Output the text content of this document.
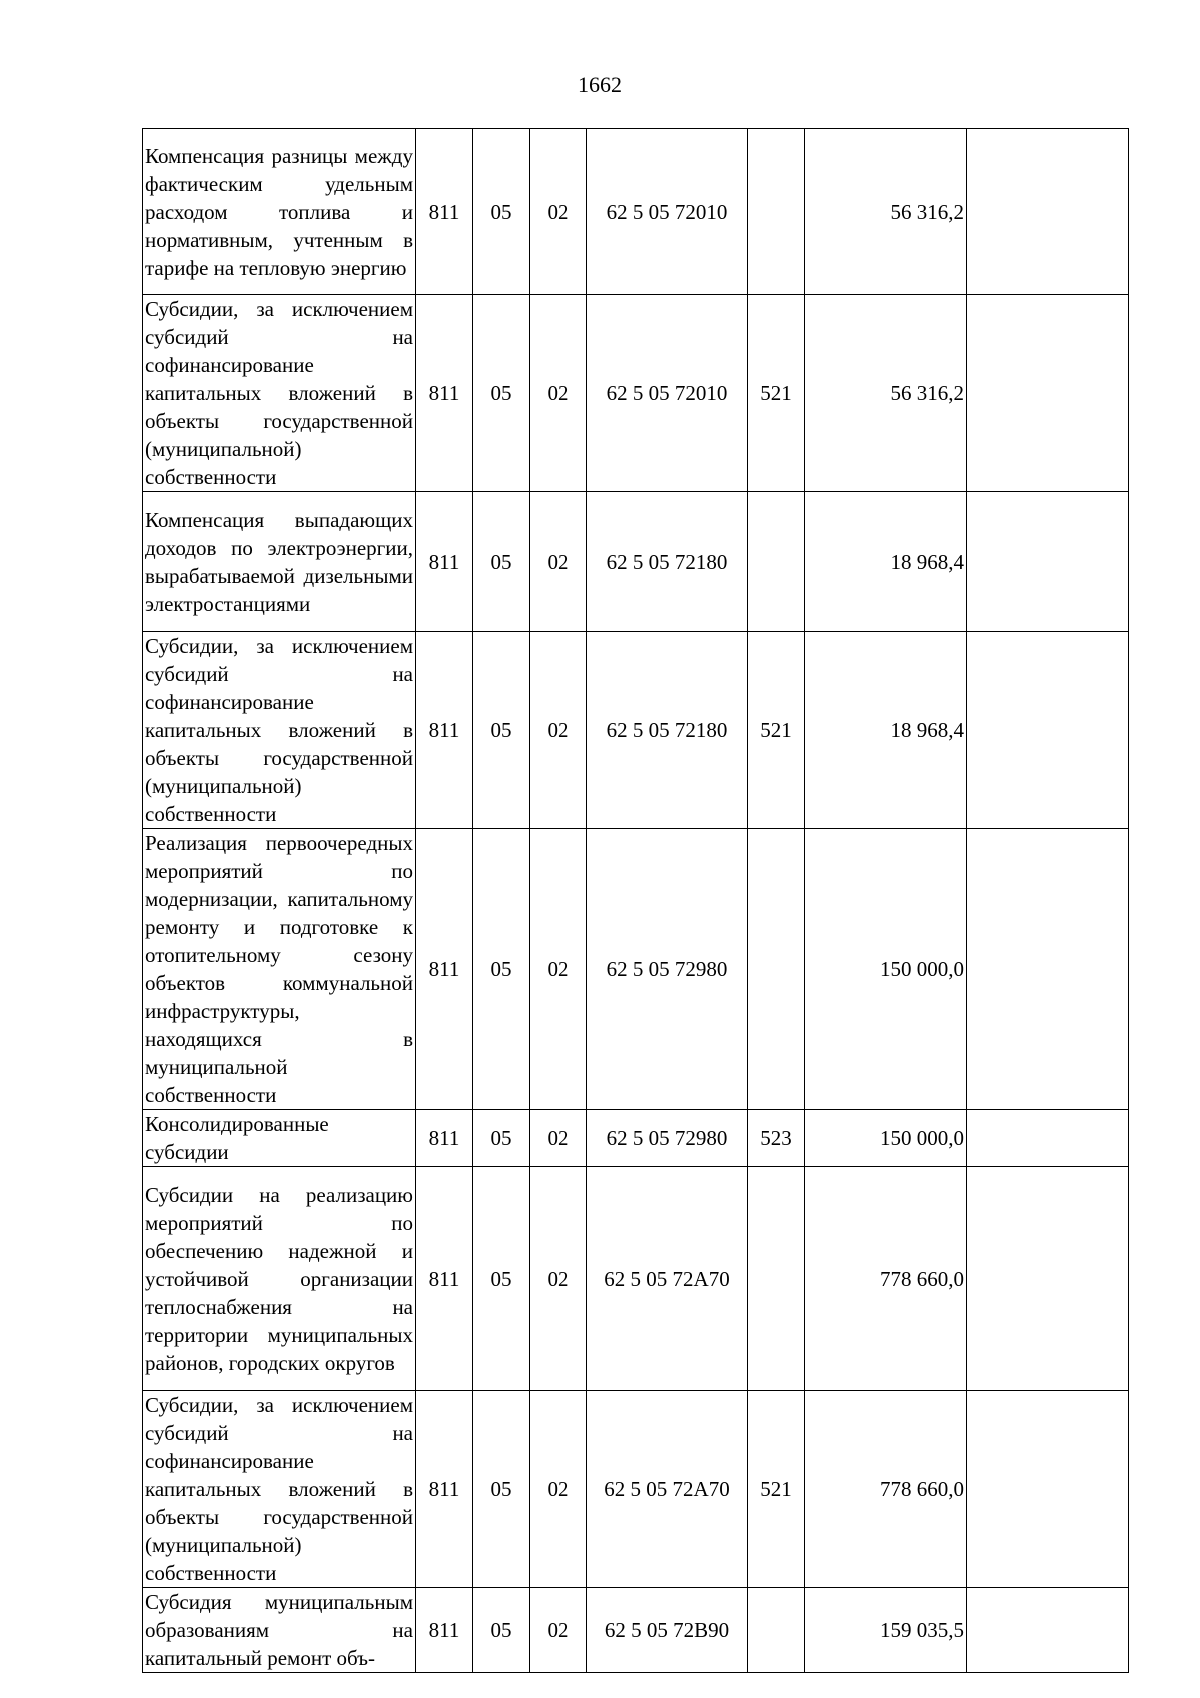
1662
Компенсация разницы между фактическим удельным расходом топлива и нормативным, учтенным в тарифе на тепловую энергию	811	05	02	62 5 05 72010		56 316,2	
Субсидии, за исключением субсидий на софинансирование капитальных вложений в объекты государственной (муниципальной) собственности	811	05	02	62 5 05 72010	521	56 316,2	
Компенсация выпадающих доходов по электроэнергии, вырабатываемой дизельными электростанциями	811	05	02	62 5 05 72180		18 968,4	
Субсидии, за исключением субсидий на софинансирование капитальных вложений в объекты государственной (муниципальной) собственности	811	05	02	62 5 05 72180	521	18 968,4	
Реализация первоочередных мероприятий по модернизации, капитальному ремонту и подготовке к отопительному сезону объектов коммунальной инфраструктуры, находящихся в муниципальной собственности	811	05	02	62 5 05 72980		150 000,0	
Консолидированные субсидии	811	05	02	62 5 05 72980	523	150 000,0	
Субсидии на реализацию мероприятий по обеспечению надежной и устойчивой организации теплоснабжения на территории муниципальных районов, городских округов	811	05	02	62 5 05 72А70		778 660,0	
Субсидии, за исключением субсидий на софинансирование капитальных вложений в объекты государственной (муниципальной) собственности	811	05	02	62 5 05 72А70	521	778 660,0	
Субсидия муниципальным образованиям на капитальный ремонт объ-	811	05	02	62 5 05 72В90		159 035,5	
